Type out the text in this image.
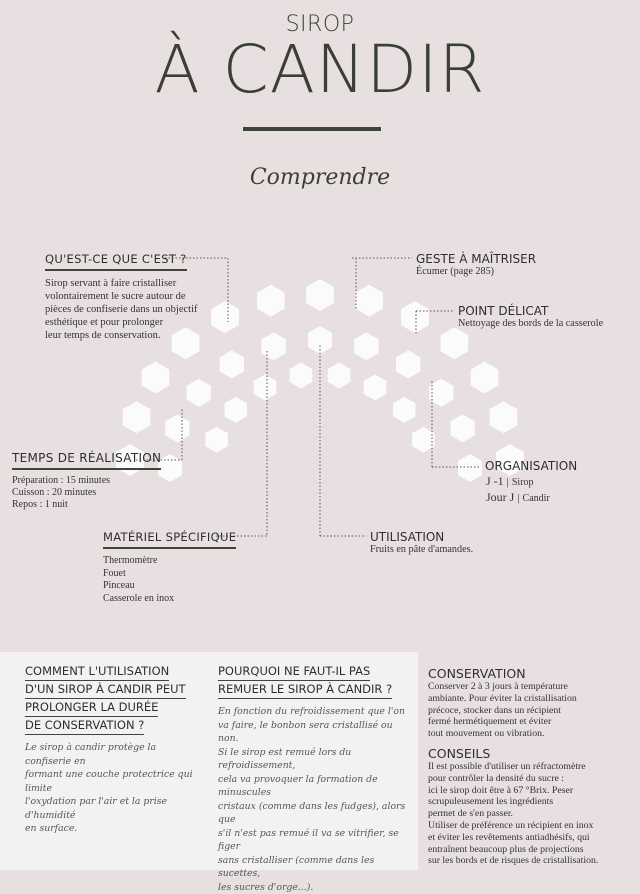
SIROP
À CANDIR
Comprendre
QU'EST-CE QUE C'EST ?
Sirop servant à faire cristalliser
volontairement le sucre autour de
pièces de confiserie dans un objectif
esthétique et pour prolonger
leur temps de conservation.
GESTE À MAÎTRISER
Écumer (page 285)
POINT DÉLICAT
Nettoyage des bords de la casserole
TEMPS DE RÉALISATION
Préparation : 15 minutes
Cuisson : 20 minutes
Repos : 1 nuit
ORGANISATION
J -1 | Sirop
Jour J | Candir
MATÉRIEL SPÉCIFIQUE
Thermomètre
Fouet
Pinceau
Casserole en inox
UTILISATION
Fruits en pâte d'amandes.
COMMENT L'UTILISATION
D'UN SIROP À CANDIR PEUT
PROLONGER LA DURÉE
DE CONSERVATION ?
Le sirop à candir protège la confiserie en
formant une couche protectrice qui limite
l'oxydation par l'air et la prise d'humidité
en surface.
POURQUOI NE FAUT-IL PAS
REMUER LE SIROP À CANDIR ?
En fonction du refroidissement que l'on
va faire, le bonbon sera cristallisé ou non.
Si le sirop est remué lors du refroidissement,
cela va provoquer la formation de minuscules
cristaux (comme dans les fudges), alors que
s'il n'est pas remué il va se vitrifier, se figer
sans cristalliser (comme dans les sucettes,
les sucres d'orge...).
CONSERVATION
Conserver 2 à 3 jours à température
ambiante. Pour éviter la cristallisation
précoce, stocker dans un récipient
fermé hermétiquement et éviter
tout mouvement ou vibration.
CONSEILS
Il est possible d'utiliser un réfractomètre
pour contrôler la densité du sucre :
ici le sirop doit être à 67 °Brix. Peser
scrupuleusement les ingrédients
permet de s'en passer.
Utiliser de préférence un récipient en inox
et éviter les revêtements antiadhésifs, qui
entraînent beaucoup plus de projections
sur les bords et de risques de cristallisation.
